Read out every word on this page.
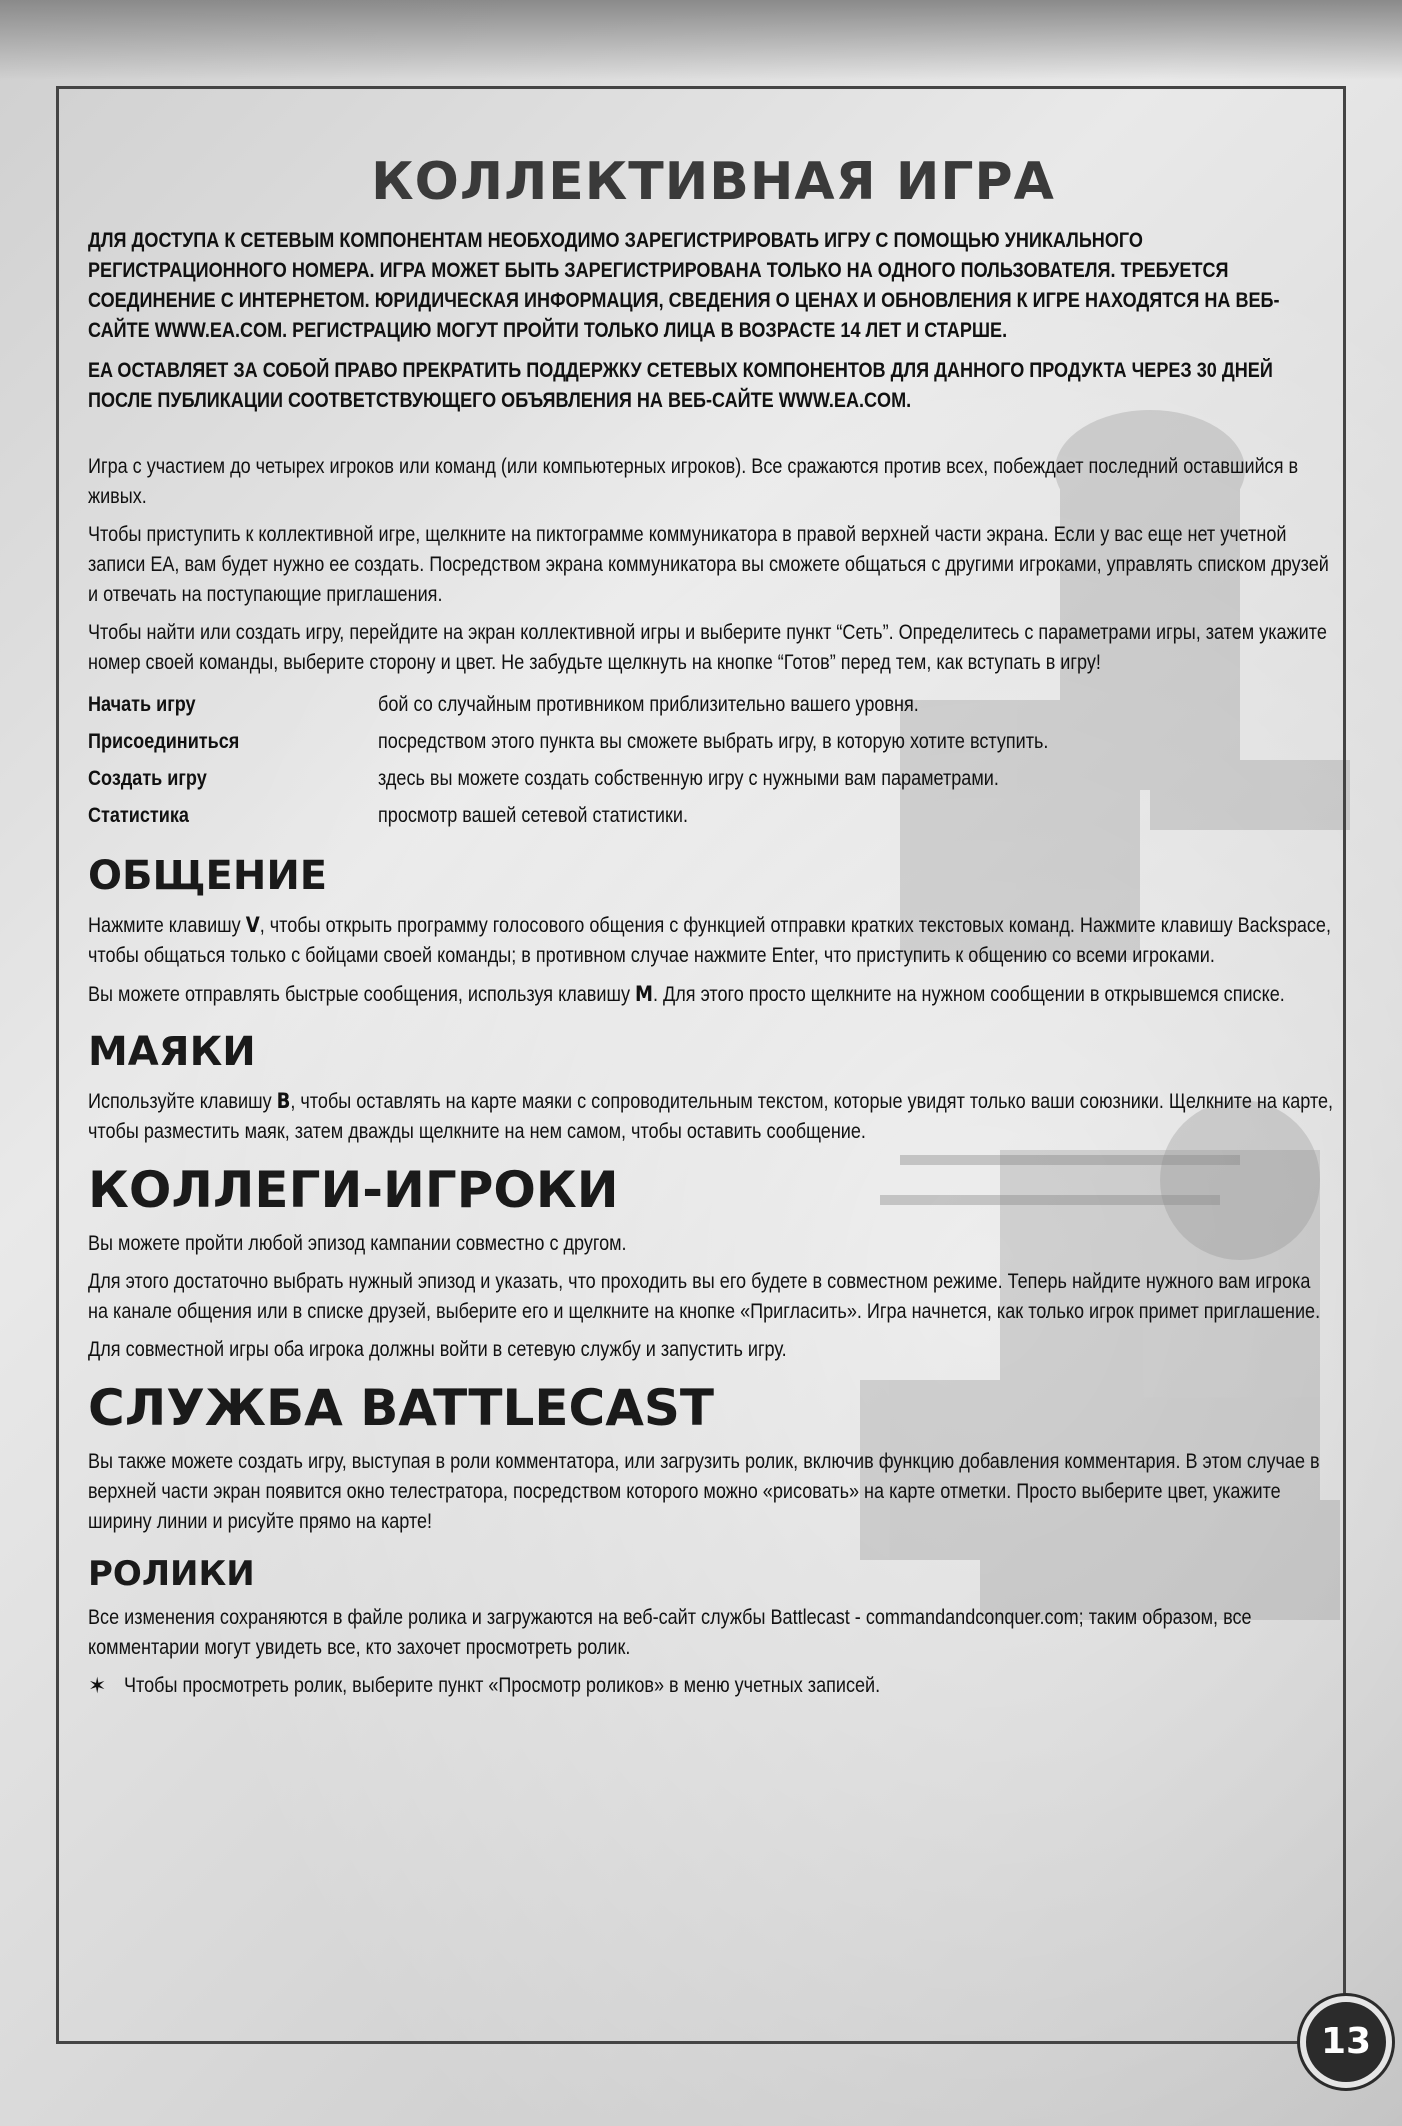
КОЛЛЕКТИВНАЯ ИГРА

ДЛЯ ДОСТУПА К СЕТЕВЫМ КОМПОНЕНТАМ НЕОБХОДИМО ЗАРЕГИСТРИРОВАТЬ ИГРУ С ПОМОЩЬЮ УНИКАЛЬНОГО РЕГИСТРАЦИОННОГО НОМЕРА. ИГРА МОЖЕТ БЫТЬ ЗАРЕГИСТРИРОВАНА ТОЛЬКО НА ОДНОГО ПОЛЬЗОВАТЕЛЯ. ТРЕБУЕТСЯ СОЕДИНЕНИЕ С ИНТЕРНЕТОМ. ЮРИДИЧЕСКАЯ ИНФОРМАЦИЯ, СВЕДЕНИЯ О ЦЕНАХ И ОБНОВЛЕНИЯ К ИГРЕ НАХОДЯТСЯ НА ВЕБ-САЙТЕ WWW.EA.COM. РЕГИСТРАЦИЮ МОГУТ ПРОЙТИ ТОЛЬКО ЛИЦА В ВОЗРАСТЕ 14 ЛЕТ И СТАРШЕ.

EA ОСТАВЛЯЕТ ЗА СОБОЙ ПРАВО ПРЕКРАТИТЬ ПОДДЕРЖКУ СЕТЕВЫХ КОМПОНЕНТОВ ДЛЯ ДАННОГО ПРОДУКТА ЧЕРЕЗ 30 ДНЕЙ ПОСЛЕ ПУБЛИКАЦИИ СООТВЕТСТВУЮЩЕГО ОБЪЯВЛЕНИЯ НА ВЕБ-САЙТЕ WWW.EA.COM.

Игра с участием до четырех игроков или команд (или компьютерных игроков). Все сражаются против всех, побеждает последний оставшийся в живых.

Чтобы приступить к коллективной игре, щелкните на пиктограмме коммуникатора в правой верхней части экрана. Если у вас еще нет учетной записи EA, вам будет нужно ее создать. Посредством экрана коммуникатора вы сможете общаться с другими игроками, управлять списком друзей и отвечать на поступающие приглашения.

Чтобы найти или создать игру, перейдите на экран коллективной игры и выберите пункт “Сеть”. Определитесь с параметрами игры, затем укажите номер своей команды, выберите сторону и цвет. Не забудьте щелкнуть на кнопке “Готов” перед тем, как вступать в игру!

Начать игру	бой со случайным противником приблизительно вашего уровня.
Присоединиться	посредством этого пункта вы сможете выбрать игру, в которую хотите вступить.
Создать игру	здесь вы можете создать собственную игру с нужными вам параметрами.
Статистика	просмотр вашей сетевой статистики.
ОБЩЕНИЕ

Нажмите клавишу V, чтобы открыть программу голосового общения с функцией отправки кратких текстовых команд. Нажмите клавишу Backspace, чтобы общаться только с бойцами своей команды; в противном случае нажмите Enter, что приступить к общению со всеми игроками.

Вы можете отправлять быстрые сообщения, используя клавишу M. Для этого просто щелкните на нужном сообщении в открывшемся списке.

МАЯКИ

Используйте клавишу B, чтобы оставлять на карте маяки с сопроводительным текстом, которые увидят только ваши союзники. Щелкните на карте, чтобы разместить маяк, затем дважды щелкните на нем самом, чтобы оставить сообщение.

КОЛЛЕГИ-ИГРОКИ

Вы можете пройти любой эпизод кампании совместно с другом.

Для этого достаточно выбрать нужный эпизод и указать, что проходить вы его будете в совместном режиме. Теперь найдите нужного вам игрока на канале общения или в списке друзей, выберите его и щелкните на кнопке «Пригласить». Игра начнется, как только игрок примет приглашение.

Для совместной игры оба игрока должны войти в сетевую службу и запустить игру.

СЛУЖБА BATTLECAST

Вы также можете создать игру, выступая в роли комментатора, или загрузить ролик, включив функцию добавления комментария. В этом случае в верхней части экран появится окно телестратора, посредством которого можно «рисовать» на карте отметки. Просто выберите цвет, укажите ширину линии и рисуйте прямо на карте!

РОЛИКИ

Все изменения сохраняются в файле ролика и загружаются на веб-сайт службы Battlecast - commandandconquer.com; таким образом, все комментарии могут увидеть все, кто захочет просмотреть ролик.

✶ Чтобы просмотреть ролик, выберите пункт «Просмотр роликов» в меню учетных записей.
13
